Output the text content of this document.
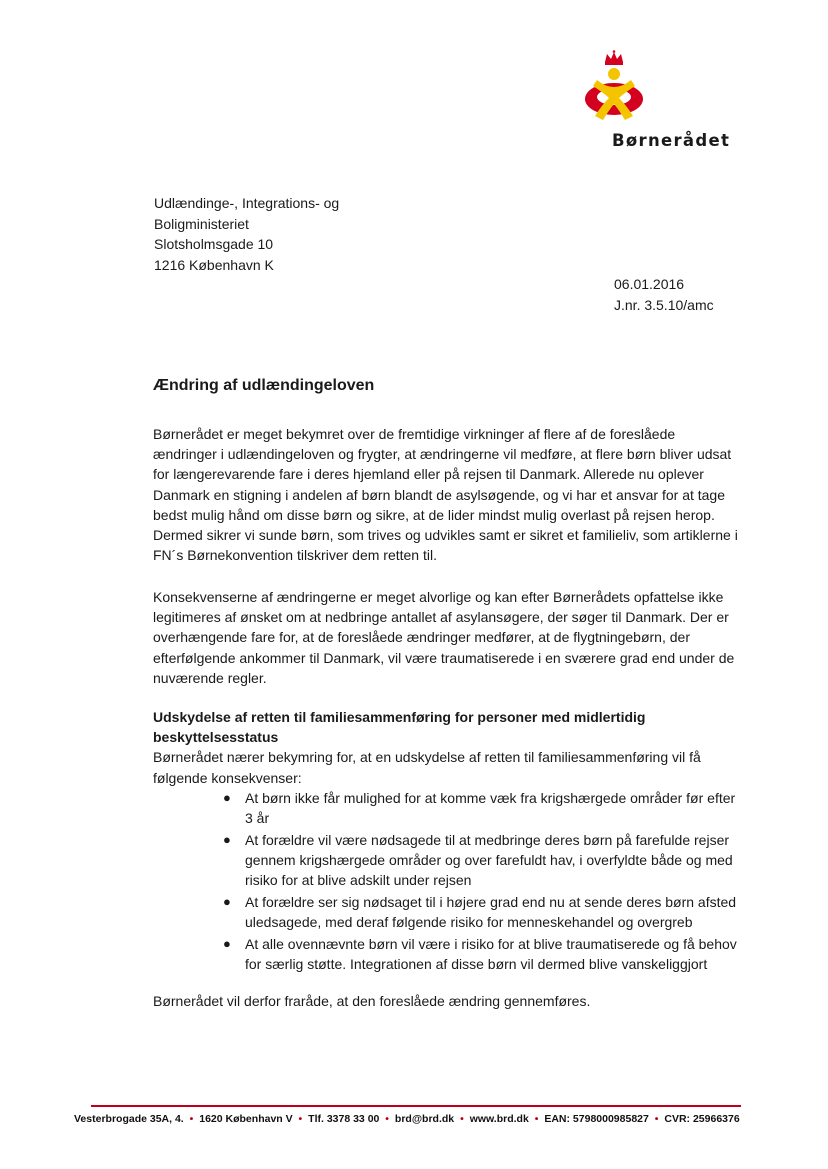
Børnerådet
Udlændinge-, Integrations- og
Boligministeriet
Slotsholmsgade 10
1216 København K
06.01.2016
J.nr. 3.5.10/amc
Ændring af udlændingeloven
Børnerådet er meget bekymret over de fremtidige virkninger af flere af de foreslåede
ændringer i udlændingeloven og frygter, at ændringerne vil medføre, at flere børn bliver udsat
for længerevarende fare i deres hjemland eller på rejsen til Danmark. Allerede nu oplever
Danmark en stigning i andelen af børn blandt de asylsøgende, og vi har et ansvar for at tage
bedst mulig hånd om disse børn og sikre, at de lider mindst mulig overlast på rejsen herop.
Dermed sikrer vi sunde børn, som trives og udvikles samt er sikret et familieliv, som artiklerne i
FN´s Børnekonvention tilskriver dem retten til.
Konsekvenserne af ændringerne er meget alvorlige og kan efter Børnerådets opfattelse ikke
legitimeres af ønsket om at nedbringe antallet af asylansøgere, der søger til Danmark. Der er
overhængende fare for, at de foreslåede ændringer medfører, at de flygtningebørn, der
efterfølgende ankommer til Danmark, vil være traumatiserede i en sværere grad end under de
nuværende regler.
Udskydelse af retten til familiesammenføring for personer med midlertidig
beskyttelsesstatus
Børnerådet nærer bekymring for, at en udskydelse af retten til familiesammenføring vil få
følgende konsekvenser:
● At børn ikke får mulighed for at komme væk fra krigshærgede områder før efter
3 år
● At forældre vil være nødsagede til at medbringe deres børn på farefulde rejser
gennem krigshærgede områder og over farefuldt hav, i overfyldte både og med
risiko for at blive adskilt under rejsen
● At forældre ser sig nødsaget til i højere grad end nu at sende deres børn afsted
uledsagede, med deraf følgende risiko for menneskehandel og overgreb
● At alle ovennævnte børn vil være i risiko for at blive traumatiserede og få behov
for særlig støtte. Integrationen af disse børn vil dermed blive vanskeliggjort
Børnerådet vil derfor fraråde, at den foreslåede ændring gennemføres.
Vesterbrogade 35A, 4. • 1620 København V • Tlf. 3378 33 00 • brd@brd.dk • www.brd.dk • EAN: 5798000985827 • CVR: 25966376
